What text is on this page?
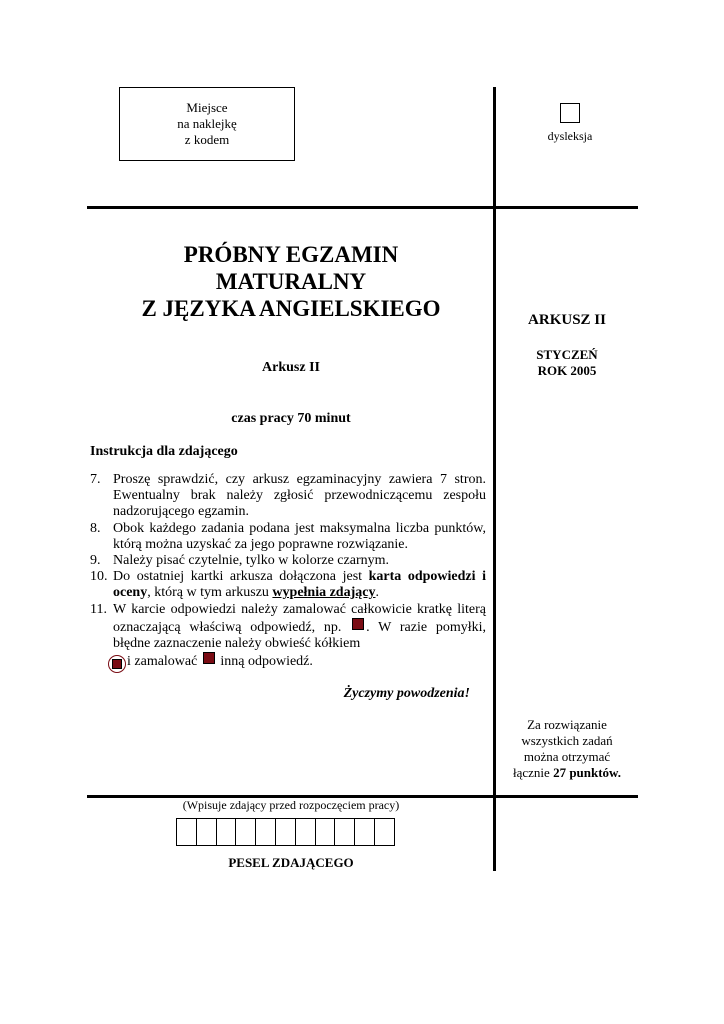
Miejsce
na naklejkę
z kodem	dysleksja
PRÓBNY EGZAMIN
MATURALNY
Z JĘZYKA ANGIELSKIEGO
Arkusz II
czas pracy 70 minut
Instrukcja dla zdającego
7. Proszę sprawdzić, czy arkusz egzaminacyjny zawiera 7 stron. Ewentualny brak należy zgłosić przewodniczącemu zespołu nadzorującego egzamin.
8. Obok każdego zadania podana jest maksymalna liczba punktów, którą można uzyskać za jego poprawne rozwiązanie.
9. Należy pisać czytelnie, tylko w kolorze czarnym.
10. Do ostatniej kartki arkusza dołączona jest karta odpowiedzi i oceny, którą w tym arkuszu wypełnia zdający.
11. W karcie odpowiedzi należy zamalować całkowicie kratkę literą oznaczającą właściwą odpowiedź, np. . W razie pomyłki, błędne zaznaczenie należy obwieść kółkiem
i zamalować  inną odpowiedź.
Życzymy powodzenia!
ARKUSZ II
STYCZEŃ
ROK 2005
Za rozwiązanie
wszystkich zadań
można otrzymać
łącznie 27 punktów.
(Wpisuje zdający przed rozpoczęciem pracy)
PESEL ZDAJĄCEGO
